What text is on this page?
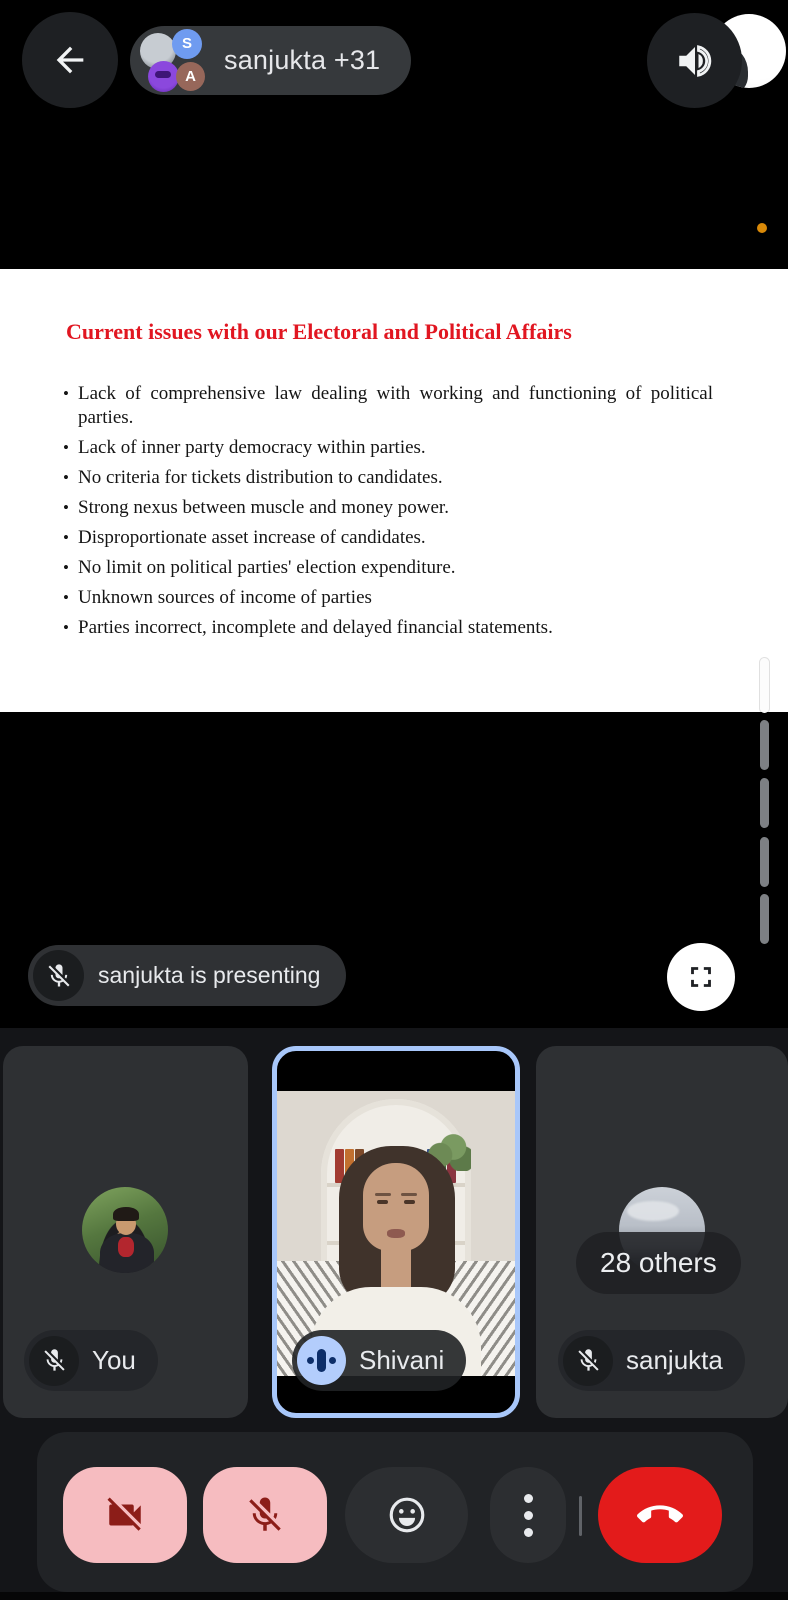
Current issues with our Electoral and Political Affairs
• Lack of comprehensive law dealing with working and functioning of political parties.
• Lack of inner party democracy within parties.
• No criteria for tickets distribution to candidates.
• Strong nexus between muscle and money power.
• Disproportionate asset increase of candidates.
• No limit on political parties' election expenditure.
• Unknown sources of income of parties
• Parties incorrect, incomplete and delayed financial statements.
sanjukta is presenting
S
A
sanjukta +31
You	Shivani
28 others
sanjukta
